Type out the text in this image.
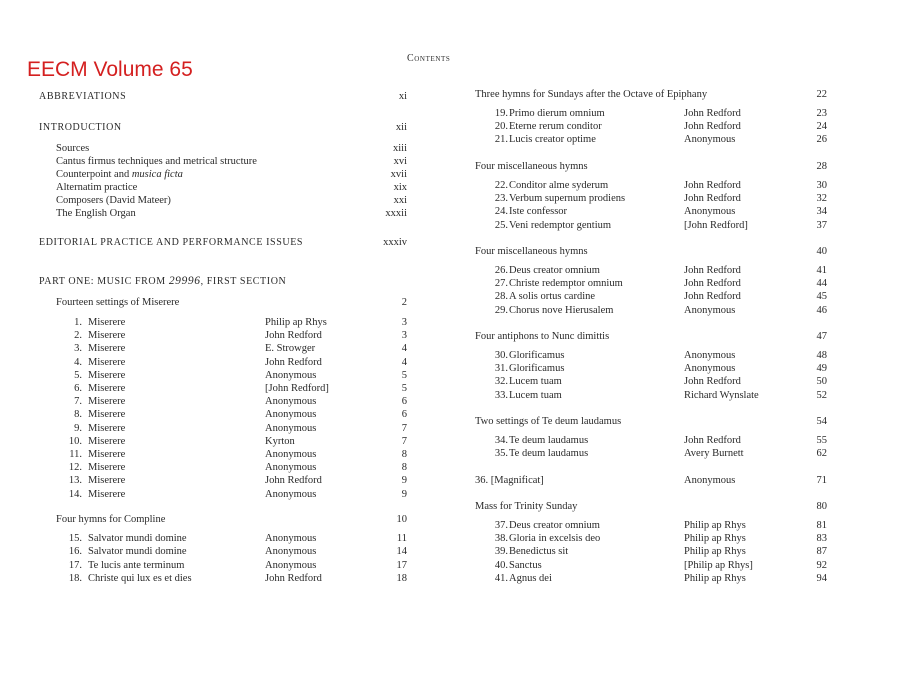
EECM Volume 65	Contents
ABBREVIATIONS	xi
INTRODUCTION	xii
Sources	xiii
Cantus firmus techniques and metrical structure	xvi
Counterpoint and musica ficta	xvii
Alternatim practice	xix
Composers (David Mateer)	xxi
The English Organ	xxxii
EDITORIAL PRACTICE AND PERFORMANCE ISSUES	xxxiv
PART ONE: MUSIC FROM 29996, FIRST SECTION
Fourteen settings of Miserere	2
1. Miserere	Philip ap Rhys	3
2. Miserere	John Redford	3
3. Miserere	E. Strowger	4
4. Miserere	John Redford	4
5. Miserere	Anonymous	5
6. Miserere	[John Redford]	5
7. Miserere	Anonymous	6
8. Miserere	Anonymous	6
9. Miserere	Anonymous	7
10. Miserere	Kyrton	7
11. Miserere	Anonymous	8
12. Miserere	Anonymous	8
13. Miserere	John Redford	9
14. Miserere	Anonymous	9
Four hymns for Compline	10
15. Salvator mundi domine	Anonymous	11
16. Salvator mundi domine	Anonymous	14
17. Te lucis ante terminum	Anonymous	17
18. Christe qui lux es et dies	John Redford	18
Three hymns for Sundays after the Octave of Epiphany	22
19. Primo dierum omnium	John Redford	23
20. Eterne rerum conditor	John Redford	24
21. Lucis creator optime	Anonymous	26
Four miscellaneous hymns	28
22. Conditor alme syderum	John Redford	30
23. Verbum supernum prodiens	John Redford	32
24. Iste confessor	Anonymous	34
25. Veni redemptor gentium	[John Redford]	37
Four miscellaneous hymns	40
26. Deus creator omnium	John Redford	41
27. Christe redemptor omnium	John Redford	44
28. A solis ortus cardine	John Redford	45
29. Chorus nove Hierusalem	Anonymous	46
Four antiphons to Nunc dimittis	47
30. Glorificamus	Anonymous	48
31. Glorificamus	Anonymous	49
32. Lucem tuam	John Redford	50
33. Lucem tuam	Richard Wynslate	52
Two settings of Te deum laudamus	54
34. Te deum laudamus	John Redford	55
35. Te deum laudamus	Avery Burnett	62
36. [Magnificat]	Anonymous	71
Mass for Trinity Sunday	80
37. Deus creator omnium	Philip ap Rhys	81
38. Gloria in excelsis deo	Philip ap Rhys	83
39. Benedictus sit	Philip ap Rhys	87
40. Sanctus	[Philip ap Rhys]	92
41. Agnus dei	Philip ap Rhys	94
